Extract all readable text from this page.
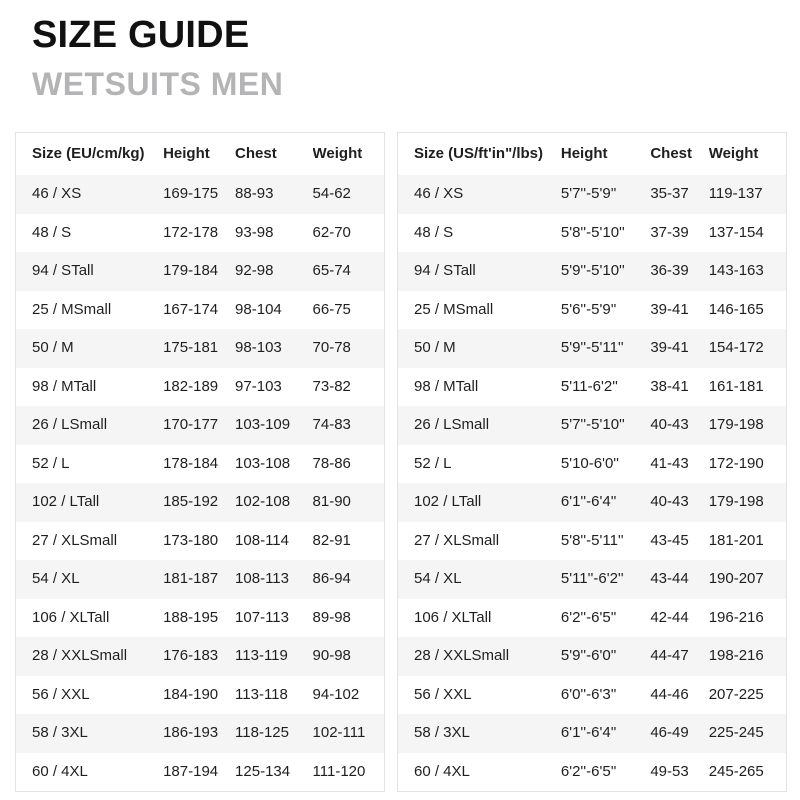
SIZE GUIDE
WETSUITS MEN
Size (EU/cm/kg)	Height	Chest	Weight
46 / XS	169-175	88-93	54-62
48 / S	172-178	93-98	62-70
94 / STall	179-184	92-98	65-74
25 / MSmall	167-174	98-104	66-75
50 / M	175-181	98-103	70-78
98 / MTall	182-189	97-103	73-82
26 / LSmall	170-177	103-109	74-83
52 / L	178-184	103-108	78-86
102 / LTall	185-192	102-108	81-90
27 / XLSmall	173-180	108-114	82-91
54 / XL	181-187	108-113	86-94
106 / XLTall	188-195	107-113	89-98
28 / XXLSmall	176-183	113-119	90-98
56 / XXL	184-190	113-118	94-102
58 / 3XL	186-193	118-125	102-111
60 / 4XL	187-194	125-134	111-120
Size (US/ft'in"/lbs)	Height	Chest	Weight
46 / XS	5'7''-5'9''	35-37	119-137
48 / S	5'8''-5'10''	37-39	137-154
94 / STall	5'9''-5'10''	36-39	143-163
25 / MSmall	5'6''-5'9''	39-41	146-165
50 / M	5'9''-5'11''	39-41	154-172
98 / MTall	5'11-6'2''	38-41	161-181
26 / LSmall	5'7''-5'10''	40-43	179-198
52 / L	5'10-6'0''	41-43	172-190
102 / LTall	6'1''-6'4''	40-43	179-198
27 / XLSmall	5'8''-5'11''	43-45	181-201
54 / XL	5'11''-6'2''	43-44	190-207
106 / XLTall	6'2''-6'5''	42-44	196-216
28 / XXLSmall	5'9''-6'0''	44-47	198-216
56 / XXL	6'0''-6'3''	44-46	207-225
58 / 3XL	6'1''-6'4''	46-49	225-245
60 / 4XL	6'2''-6'5''	49-53	245-265
